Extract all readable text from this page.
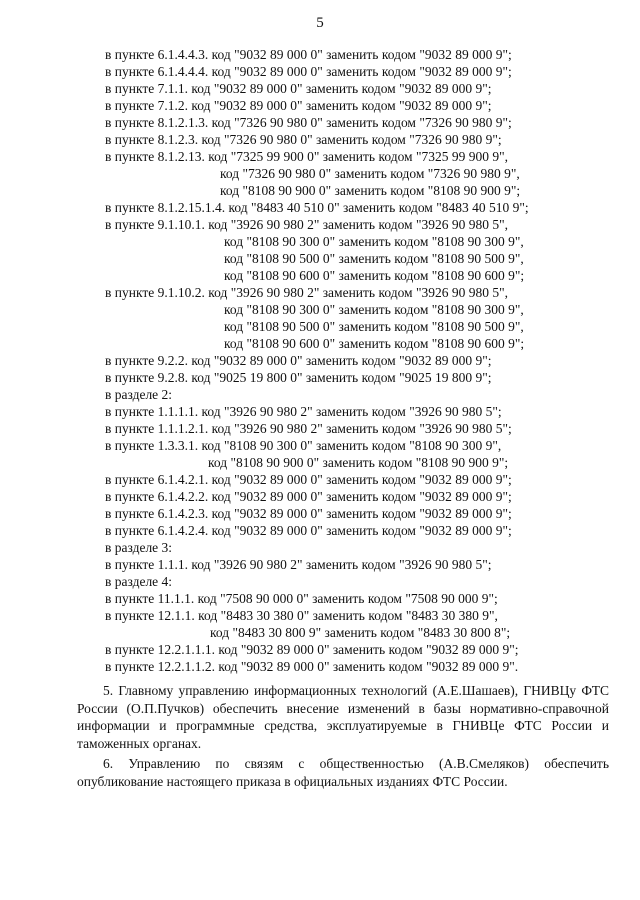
5
в пункте 6.1.4.4.3. код "9032 89 000 0" заменить кодом "9032 89 000 9";
в пункте 6.1.4.4.4. код "9032 89 000 0" заменить кодом "9032 89 000 9";
в пункте 7.1.1. код "9032 89 000 0" заменить кодом "9032 89 000 9";
в пункте 7.1.2. код "9032 89 000 0" заменить кодом "9032 89 000 9";
в пункте 8.1.2.1.3. код "7326 90 980 0" заменить кодом "7326 90 980 9";
в пункте 8.1.2.3. код "7326 90 980 0" заменить кодом "7326 90 980 9";
в пункте 8.1.2.13. код "7325 99 900 0" заменить кодом "7325 99 900 9",
код "7326 90 980 0" заменить кодом "7326 90 980 9",
код "8108 90 900 0" заменить кодом "8108 90 900 9";
в пункте 8.1.2.15.1.4. код "8483 40 510 0" заменить кодом "8483 40 510 9";
в пункте 9.1.10.1. код "3926 90 980 2" заменить кодом "3926 90 980 5",
код "8108 90 300 0" заменить кодом "8108 90 300 9",
код "8108 90 500 0" заменить кодом "8108 90 500 9",
код "8108 90 600 0" заменить кодом "8108 90 600 9";
в пункте 9.1.10.2. код "3926 90 980 2" заменить кодом "3926 90 980 5",
код "8108 90 300 0" заменить кодом "8108 90 300 9",
код "8108 90 500 0" заменить кодом "8108 90 500 9",
код "8108 90 600 0" заменить кодом "8108 90 600 9";
в пункте 9.2.2. код "9032 89 000 0" заменить кодом "9032 89 000 9";
в пункте 9.2.8. код "9025 19 800 0" заменить кодом "9025 19 800 9";
в разделе 2:
в пункте 1.1.1.1. код "3926 90 980 2" заменить кодом "3926 90 980 5";
в пункте 1.1.1.2.1. код "3926 90 980 2" заменить кодом "3926 90 980 5";
в пункте 1.3.3.1. код "8108 90 300 0" заменить кодом "8108 90 300 9",
код "8108 90 900 0" заменить кодом "8108 90 900 9";
в пункте 6.1.4.2.1. код "9032 89 000 0" заменить кодом "9032 89 000 9";
в пункте 6.1.4.2.2. код "9032 89 000 0" заменить кодом "9032 89 000 9";
в пункте 6.1.4.2.3. код "9032 89 000 0" заменить кодом "9032 89 000 9";
в пункте 6.1.4.2.4. код "9032 89 000 0" заменить кодом "9032 89 000 9";
в разделе 3:
в пункте 1.1.1. код "3926 90 980 2" заменить кодом "3926 90 980 5";
в разделе 4:
в пункте 11.1.1. код "7508 90 000 0" заменить кодом "7508 90 000 9";
в пункте 12.1.1. код "8483 30 380 0" заменить кодом "8483 30 380 9",
код "8483 30 800 9" заменить кодом "8483 30 800 8";
в пункте 12.2.1.1.1. код "9032 89 000 0" заменить кодом "9032 89 000 9";
в пункте 12.2.1.1.2. код "9032 89 000 0" заменить кодом "9032 89 000 9".

5. Главному управлению информационных технологий (А.Е.Шашаев), ГНИВЦу ФТС России (О.П.Пучков) обеспечить внесение изменений в базы нормативно-справочной информации и программные средства, эксплуатируемые в ГНИВЦе ФТС России и таможенных органах.

6. Управлению по связям с общественностью (А.В.Смеляков) обеспечить опубликование настоящего приказа в официальных изданиях ФТС России.
